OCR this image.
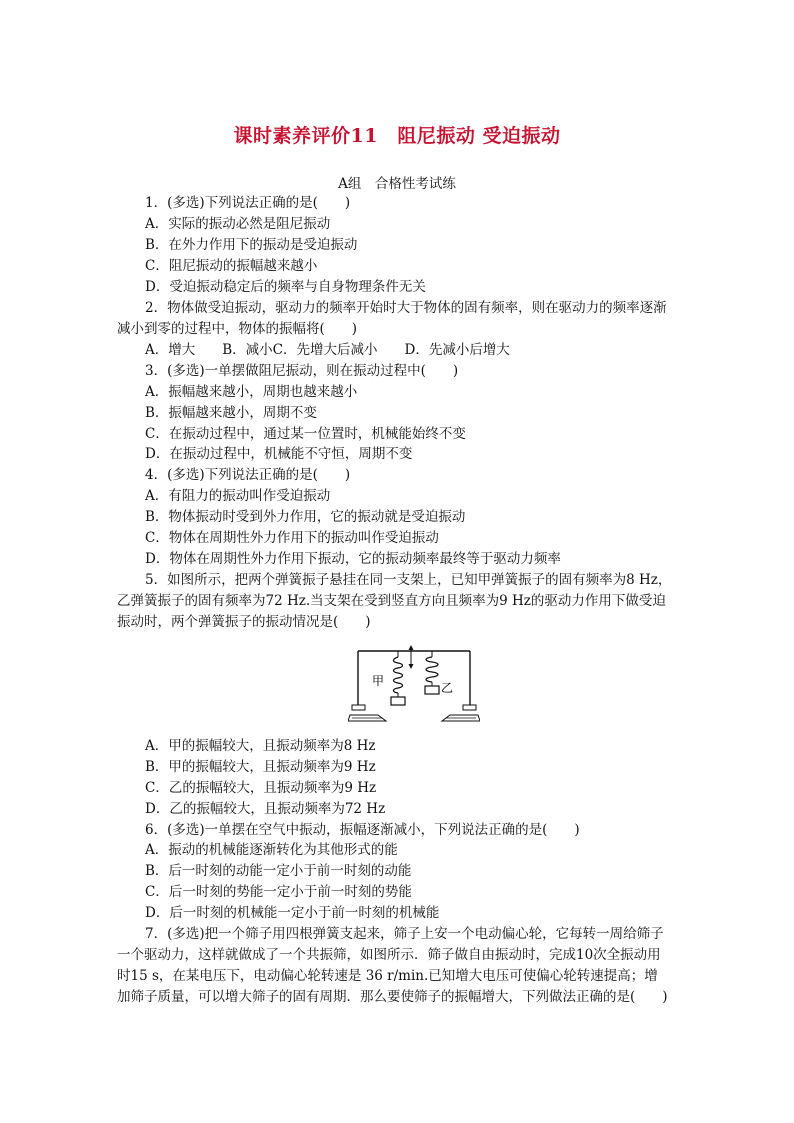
课时素养评价11　阻尼振动 受迫振动
A组　合格性考试练
1．(多选)下列说法正确的是(　　)
A．实际的振动必然是阻尼振动
B．在外力作用下的振动是受迫振动
C．阻尼振动的振幅越来越小
D．受迫振动稳定后的频率与自身物理条件无关
2．物体做受迫振动，驱动力的频率开始时大于物体的固有频率，则在驱动力的频率逐渐
减小到零的过程中，物体的振幅将(　　)
A．增大　　B．减小C．先增大后减小　　D．先减小后增大
3．(多选)一单摆做阻尼振动，则在振动过程中(　　)
A．振幅越来越小，周期也越来越小
B．振幅越来越小，周期不变
C．在振动过程中，通过某一位置时，机械能始终不变
D．在振动过程中，机械能不守恒，周期不变
4．(多选)下列说法正确的是(　　)
A．有阻力的振动叫作受迫振动
B．物体振动时受到外力作用，它的振动就是受迫振动
C．物体在周期性外力作用下的振动叫作受迫振动
D．物体在周期性外力作用下振动，它的振动频率最终等于驱动力频率
5．如图所示，把两个弹簧振子悬挂在同一支架上，已知甲弹簧振子的固有频率为8 Hz，
乙弹簧振子的固有频率为72 Hz.当支架在受到竖直方向且频率为9 Hz的驱动力作用下做受迫
振动时，两个弹簧振子的振动情况是(　　)
甲	乙
A．甲的振幅较大，且振动频率为8 Hz
B．甲的振幅较大，且振动频率为9 Hz
C．乙的振幅较大，且振动频率为9 Hz
D．乙的振幅较大，且振动频率为72 Hz
6．(多选)一单摆在空气中振动，振幅逐渐减小，下列说法正确的是(　　)
A．振动的机械能逐渐转化为其他形式的能
B．后一时刻的动能一定小于前一时刻的动能
C．后一时刻的势能一定小于前一时刻的势能
D．后一时刻的机械能一定小于前一时刻的机械能
7．(多选)把一个筛子用四根弹簧支起来，筛子上安一个电动偏心轮，它每转一周给筛子
一个驱动力，这样就做成了一个共振筛，如图所示．筛子做自由振动时，完成10次全振动用
时15 s，在某电压下，电动偏心轮转速是 36 r/min.已知增大电压可使偏心轮转速提高；增
加筛子质量，可以增大筛子的固有周期．那么要使筛子的振幅增大，下列做法正确的是(　　)
